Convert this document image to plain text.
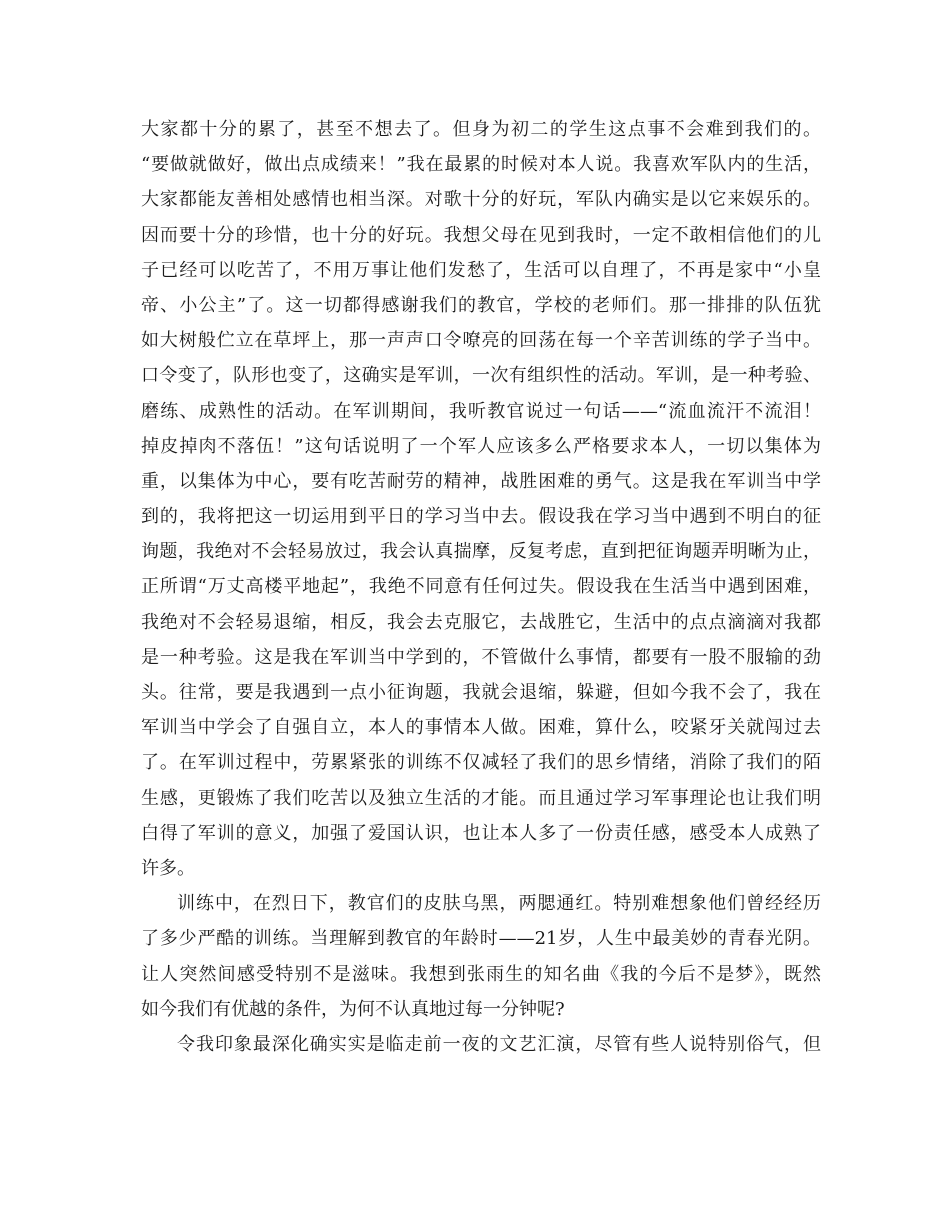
大家都十分的累了，甚至不想去了。但身为初二的学生这点事不会难到我们的。
“要做就做好，做出点成绩来！”我在最累的时候对本人说。我喜欢军队内的生活，
大家都能友善相处感情也相当深。对歌十分的好玩，军队内确实是以它来娱乐的。
因而要十分的珍惜，也十分的好玩。我想父母在见到我时，一定不敢相信他们的儿
子已经可以吃苦了，不用万事让他们发愁了，生活可以自理了，不再是家中“小皇
帝、小公主”了。这一切都得感谢我们的教官，学校的老师们。那一排排的队伍犹
如大树般伫立在草坪上，那一声声口令嘹亮的回荡在每一个辛苦训练的学子当中。
口令变了，队形也变了，这确实是军训，一次有组织性的活动。军训，是一种考验、
磨练、成熟性的活动。在军训期间，我听教官说过一句话——“流血流汗不流泪！
掉皮掉肉不落伍！”这句话说明了一个军人应该多么严格要求本人，一切以集体为
重，以集体为中心，要有吃苦耐劳的精神，战胜困难的勇气。这是我在军训当中学
到的，我将把这一切运用到平日的学习当中去。假设我在学习当中遇到不明白的征
询题，我绝对不会轻易放过，我会认真揣摩，反复考虑，直到把征询题弄明晰为止，
正所谓“万丈高楼平地起”，我绝不同意有任何过失。假设我在生活当中遇到困难，
我绝对不会轻易退缩，相反，我会去克服它，去战胜它，生活中的点点滴滴对我都
是一种考验。这是我在军训当中学到的，不管做什么事情，都要有一股不服输的劲
头。往常，要是我遇到一点小征询题，我就会退缩，躲避，但如今我不会了，我在
军训当中学会了自强自立，本人的事情本人做。困难，算什么，咬紧牙关就闯过去
了。在军训过程中，劳累紧张的训练不仅减轻了我们的思乡情绪，消除了我们的陌
生感，更锻炼了我们吃苦以及独立生活的才能。而且通过学习军事理论也让我们明
白得了军训的意义，加强了爱国认识，也让本人多了一份责任感，感受本人成熟了
许多。
训练中，在烈日下，教官们的皮肤乌黑，两腮通红。特别难想象他们曾经经历
了多少严酷的训练。当理解到教官的年龄时——21岁，人生中最美妙的青春光阴。
让人突然间感受特别不是滋味。我想到张雨生的知名曲《我的今后不是梦》，既然
如今我们有优越的条件，为何不认真地过每一分钟呢?
令我印象最深化确实实是临走前一夜的文艺汇演，尽管有些人说特别俗气，但
